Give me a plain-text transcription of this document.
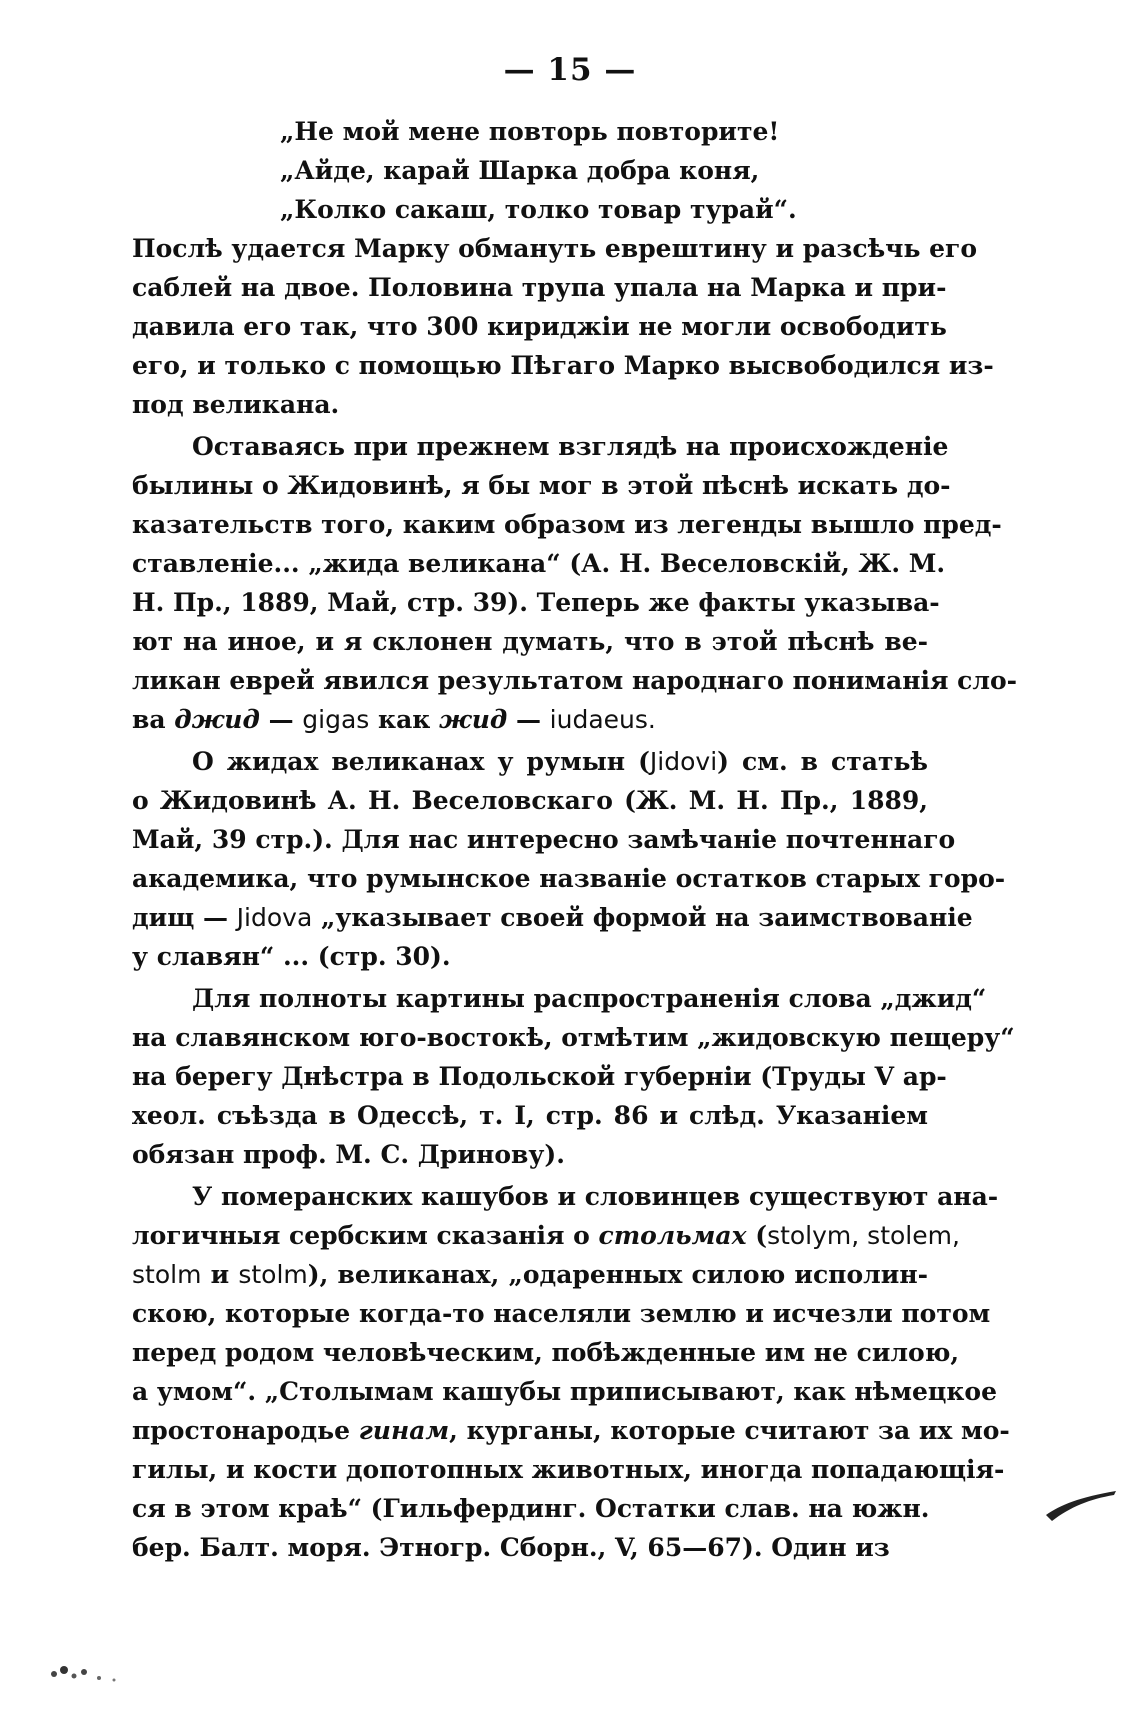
— 15 —
„Не мой мене повторь повторите!
„Айде, карай Шарка добра коня,
„Колко сакаш, толко товар турай“.
Послѣ удается Марку обмануть еврештину и разсѣчь его
саблей на двое. Половина трупа упала на Марка и при-
давила его так, что 300 кириджіи не могли освободить
его, и только с помощью Пѣгаго Марко высвободился из-
под великана.
Оставаясь при прежнем взглядѣ на происхожденіе
былины о Жидовинѣ, я бы мог в этой пѣснѣ искать до-
казательств того, каким образом из легенды вышло пред-
ставленіе... „жида великана“ (А. Н. Веселовскій, Ж. М.
Н. Пр., 1889, Май, стр. 39). Теперь же факты указыва-
ют на иное, и я склонен думать, что в этой пѣснѣ ве-
ликан еврей явился результатом народнаго пониманія сло-
ва джид — gigas как жид — iudaeus.
О жидах великанах у румын (Jidovi) см. в статьѣ
о Жидовинѣ А. Н. Веселовскаго (Ж. М. Н. Пр., 1889,
Май, 39 стр.). Для нас интересно замѣчаніе почтеннаго
академика, что румынское названіе остатков старых горо-
дищ — Jidova „указывает своей формой на заимствованіе
у славян“ ... (стр. 30).
Для полноты картины распространенія слова „джид“
на славянском юго-востокѣ, отмѣтим „жидовскую пещеру“
на берегу Днѣстра в Подольской губерніи (Труды V ар-
хеол. съѣзда в Одессѣ, т. I, стр. 86 и слѣд. Указаніем
обязан проф. М. С. Дринову).
У померанских кашубов и словинцев существуют ана-
логичныя сербским сказанія о стольмах (stolym, stolem,
stolm и stolm), великанах, „одаренных силою исполин-
скою, которые когда-то населяли землю и исчезли потом
перед родом человѣческим, побѣжденные им не силою,
а умом“. „Столымам кашубы приписывают, как нѣмецкое
простонародье гинам, курганы, которые считают за их мо-
гилы, и кости допотопных животных, иногда попадающія-
ся в этом краѣ“ (Гильфердинг. Остатки слав. на южн.
бер. Балт. моря. Этногр. Сборн., V, 65—67). Один из
